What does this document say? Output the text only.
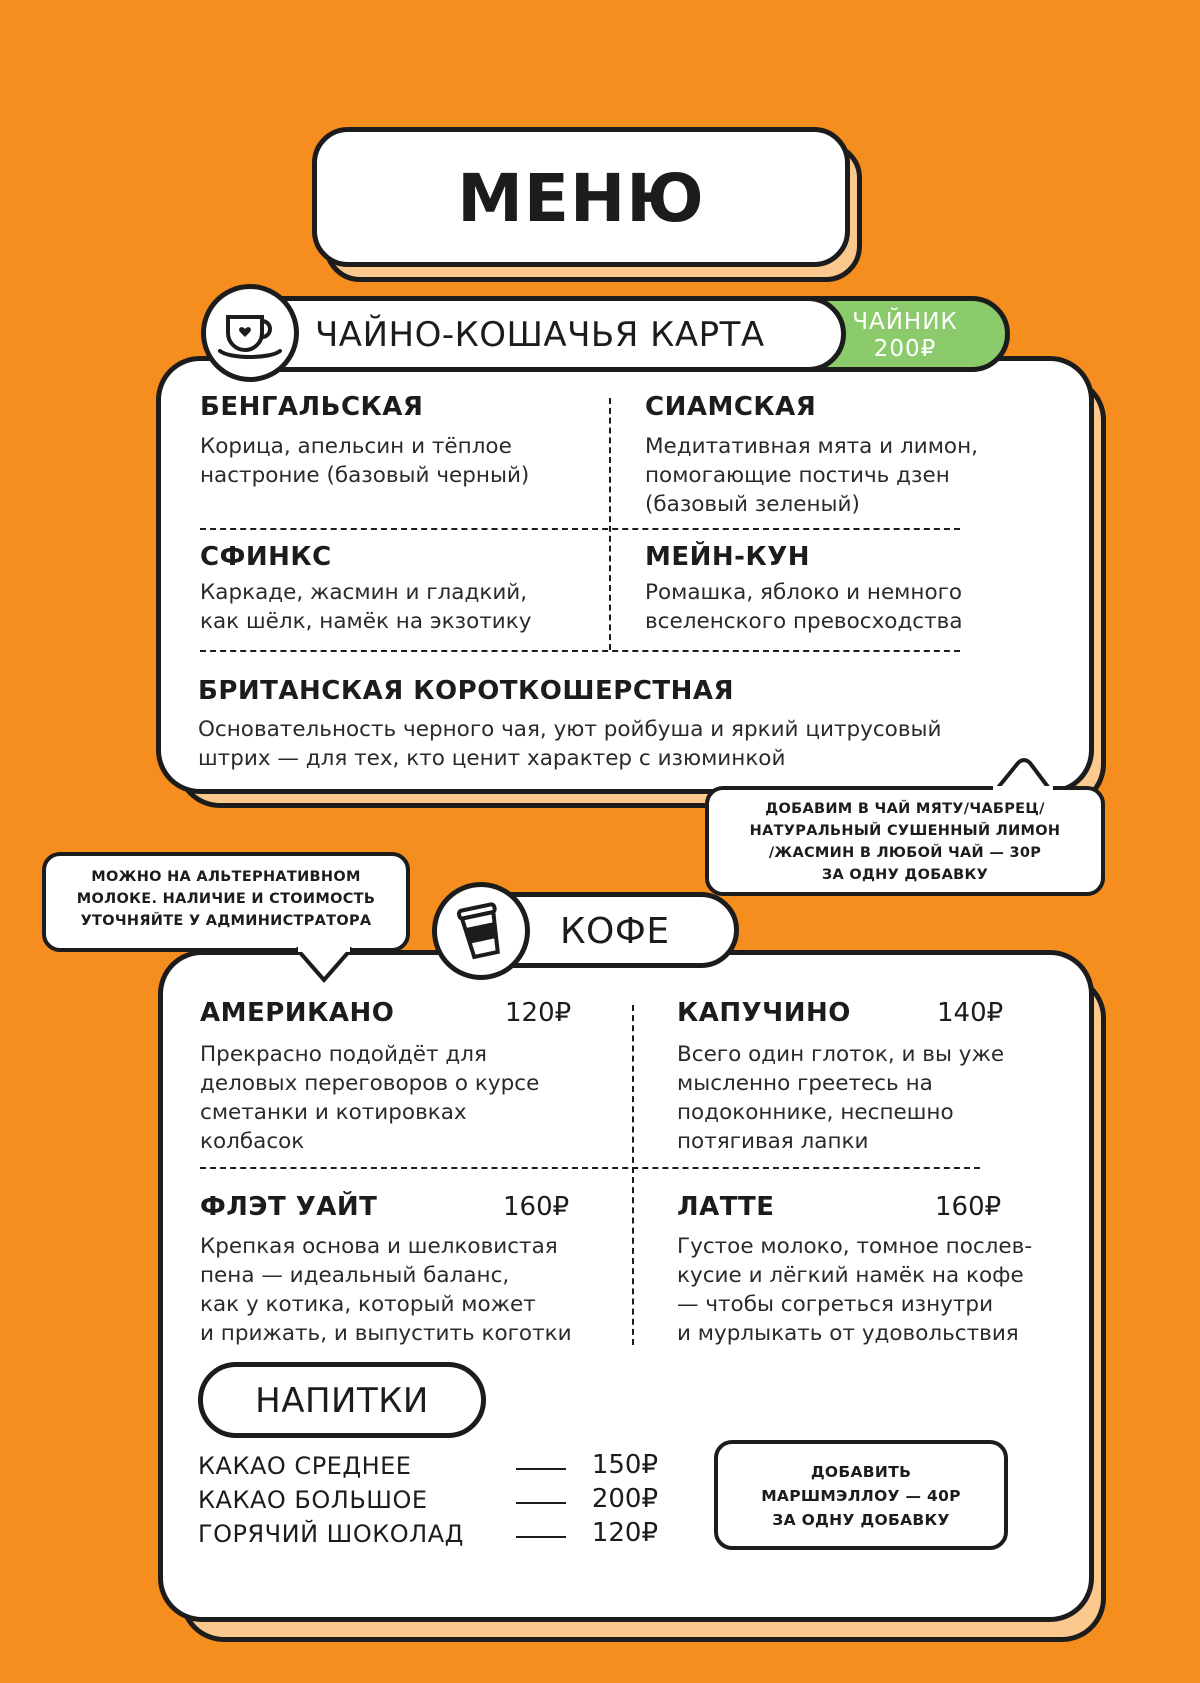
МЕНЮ
ЧАЙНИК
200₽
ЧАЙНО-КОШАЧЬЯ КАРТА
БЕНГАЛЬСКАЯ
Корица, апельсин и тёплое
настроние (базовый черный)
СИАМСКАЯ
Медитативная мята и лимон,
помогающие постичь дзен
(базовый зеленый)
СФИНКС
Каркаде, жасмин и гладкий,
как шёлк, намёк на экзотику
МЕЙН-КУН
Ромашка, яблоко и немного
вселенского превосходства
БРИТАНСКАЯ КОРОТКОШЕРСТНАЯ
Основательность черного чая, уют ройбуша и яркий цитрусовый
штрих — для тех, кто ценит характер с изюминкой
ДОБАВИМ В ЧАЙ МЯТУ/ЧАБРЕЦ/
НАТУРАЛЬНЫЙ СУШЕННЫЙ ЛИМОН
/ЖАСМИН В ЛЮБОЙ ЧАЙ — 30Р
ЗА ОДНУ ДОБАВКУ
МОЖНО НА АЛЬТЕРНАТИВНОМ
МОЛОКЕ. НАЛИЧИЕ И СТОИМОСТЬ
УТОЧНЯЙТЕ У АДМИНИСТРАТОРА	КОФЕ
АМЕРИКАНО	120₽
Прекрасно подойдёт для
деловых переговоров о курсе
сметанки и котировках
колбасок
КАПУЧИНО	140₽
Всего один глоток, и вы уже
мысленно греетесь на
подоконнике, неспешно
потягивая лапки
ФЛЭТ УАЙТ	160₽
Крепкая основа и шелковистая
пена — идеальный баланс,
как у котика, который может
и прижать, и выпустить коготки
ЛАТТЕ	160₽
Густое молоко, томное послев-
кусие и лёгкий намёк на кофе
— чтобы согреться изнутри
и мурлыкать от удовольствия
НАПИТКИ
КАКАО СРЕДНЕЕ	150₽
КАКАО БОЛЬШОЕ	200₽
ГОРЯЧИЙ ШОКОЛАД	120₽
ДОБАВИТЬ
МАРШМЭЛЛОУ — 40Р
ЗА ОДНУ ДОБАВКУ
